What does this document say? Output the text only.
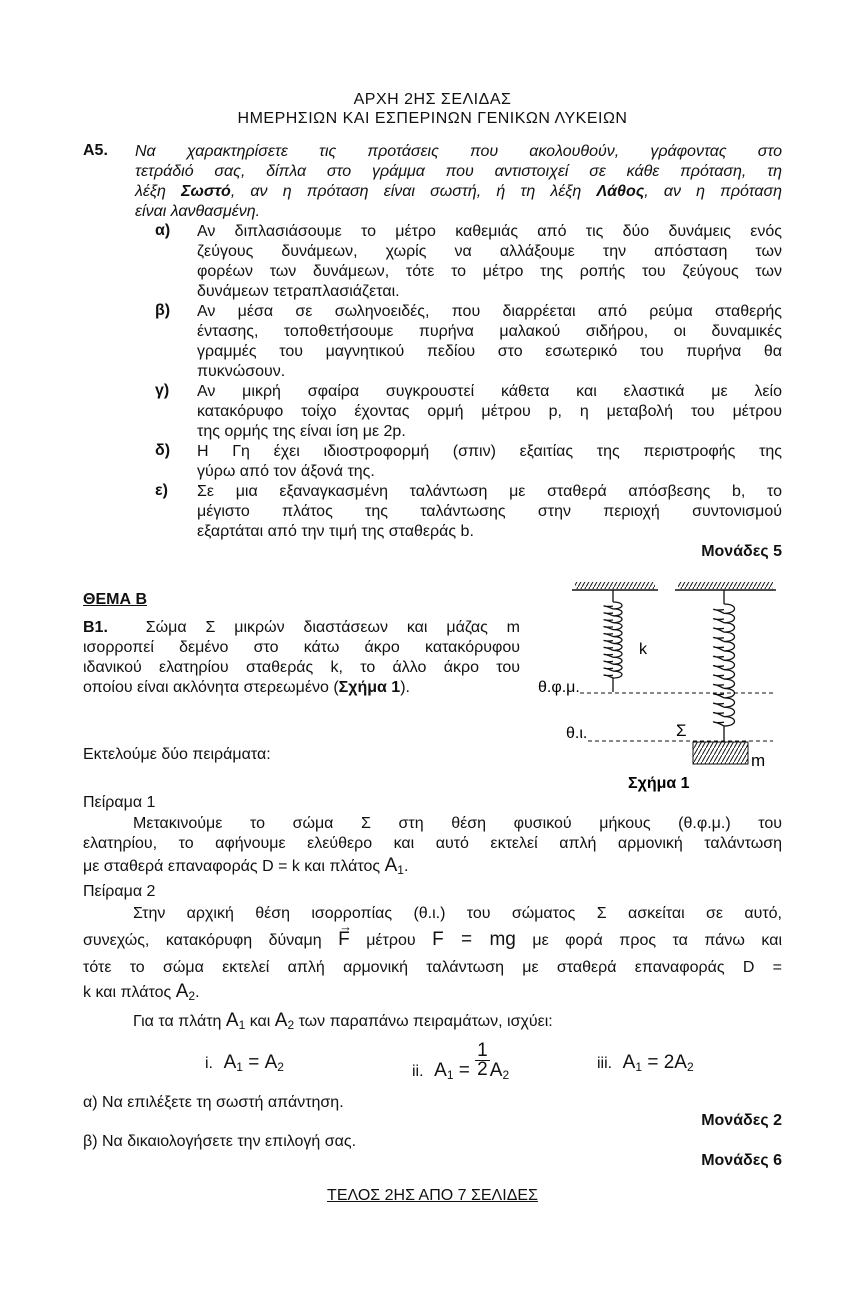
ΑΡΧΗ 2ΗΣ ΣΕΛΙΔΑΣ
ΗΜΕΡΗΣΙΩΝ ΚΑΙ ΕΣΠΕΡΙΝΩΝ ΓΕΝΙΚΩΝ ΛΥΚΕΙΩΝ
Α5. Να χαρακτηρίσετε τις προτάσεις που ακολουθούν, γράφοντας στο
τετράδιό σας, δίπλα στο γράμμα που αντιστοιχεί σε κάθε πρόταση, τη
λέξη Σωστό, αν η πρόταση είναι σωστή, ή τη λέξη Λάθος, αν η πρόταση
είναι λανθασμένη.
α) Αν διπλασιάσουμε το μέτρο καθεμιάς από τις δύο δυνάμεις ενός
ζεύγους δυνάμεων, χωρίς να αλλάξουμε την απόσταση των
φορέων των δυνάμεων, τότε το μέτρο της ροπής του ζεύγους των
δυνάμεων τετραπλασιάζεται.
β) Αν μέσα σε σωληνοειδές, που διαρρέεται από ρεύμα σταθερής
έντασης, τοποθετήσουμε πυρήνα μαλακού σιδήρου, οι δυναμικές
γραμμές του μαγνητικού πεδίου στο εσωτερικό του πυρήνα θα
πυκνώσουν.
γ) Αν μικρή σφαίρα συγκρουστεί κάθετα και ελαστικά με λείο
κατακόρυφο τοίχο έχοντας ορμή μέτρου p, η μεταβολή του μέτρου
της ορμής της είναι ίση με 2p.
δ) Η Γη έχει ιδιοστροφορμή (σπιν) εξαιτίας της περιστροφής της
γύρω από τον άξονά της.
ε) Σε μια εξαναγκασμένη ταλάντωση με σταθερά απόσβεσης b, το
μέγιστο πλάτος της ταλάντωσης στην περιοχή συντονισμού
εξαρτάται από την τιμή της σταθεράς b.
Μονάδες 5
ΘΕΜΑ Β
Β1. Σώμα Σ μικρών διαστάσεων και μάζας m
ισορροπεί δεμένο στο κάτω άκρο κατακόρυφου
ιδανικού ελατηρίου σταθεράς k, το άλλο άκρο του
οποίου είναι ακλόνητα στερεωμένο (Σχήμα 1).
k
θ.φ.μ.
θ.ι.	Σ
m
Σχήμα 1
Εκτελούμε δύο πειράματα:
Πείραμα 1
Μετακινούμε το σώμα Σ στη θέση φυσικού μήκους (θ.φ.μ.) του
ελατηρίου, το αφήνουμε ελεύθερο και αυτό εκτελεί απλή αρμονική ταλάντωση
με σταθερά επαναφοράς D = k και πλάτος $A_1$.
Πείραμα 2
Στην αρχική θέση ισορροπίας (θ.ι.) του σώματος Σ ασκείται σε αυτό,
συνεχώς, κατακόρυφη δύναμη
→
F μέτρου F = mg με φορά προς τα πάνω και
τότε το σώμα εκτελεί απλή αρμονική ταλάντωση με σταθερά επαναφοράς D =
k και πλάτος $A_2$.
Για τα πλάτη $A_1$ και $A_2$ των παραπάνω πειραμάτων, ισχύει:
i. $A_1 = A_2$	$_{ii.}$ $A_1 = \frac{1}{2} A_2$
iii. $A_1 = 2A_2$
α) Να επιλέξετε τη σωστή απάντηση.
Μονάδες 2
β) Να δικαιολογήσετε την επιλογή σας.
Μονάδες 6
ΤΕΛΟΣ 2ΗΣ ΑΠΟ 7 ΣΕΛΙΔΕΣ
